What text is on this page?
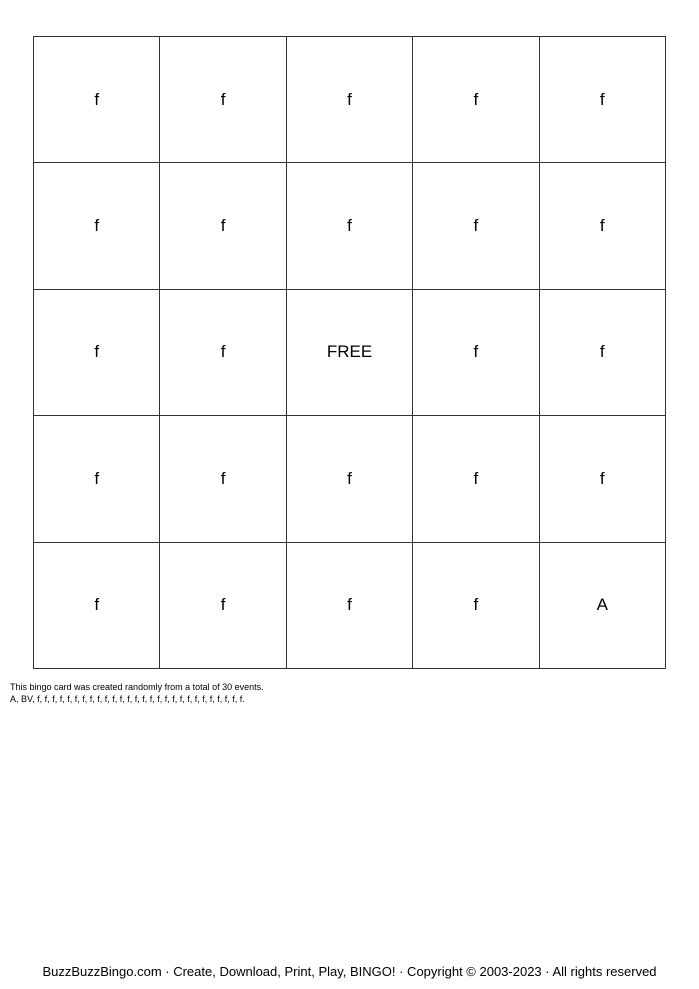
f	f	f	f	f
f	f	f	f	f
f	f	FREE	f	f
f	f	f	f	f
f	f	f	f	A
This bingo card was created randomly from a total of 30 events.
A, BV, f, f, f, f, f, f, f, f, f, f, f, f, f, f, f, f, f, f, f, f, f, f, f, f, f, f, f, f.
BuzzBuzzBingo.com · Create, Download, Print, Play, BINGO! · Copyright © 2003-2023 · All rights reserved
